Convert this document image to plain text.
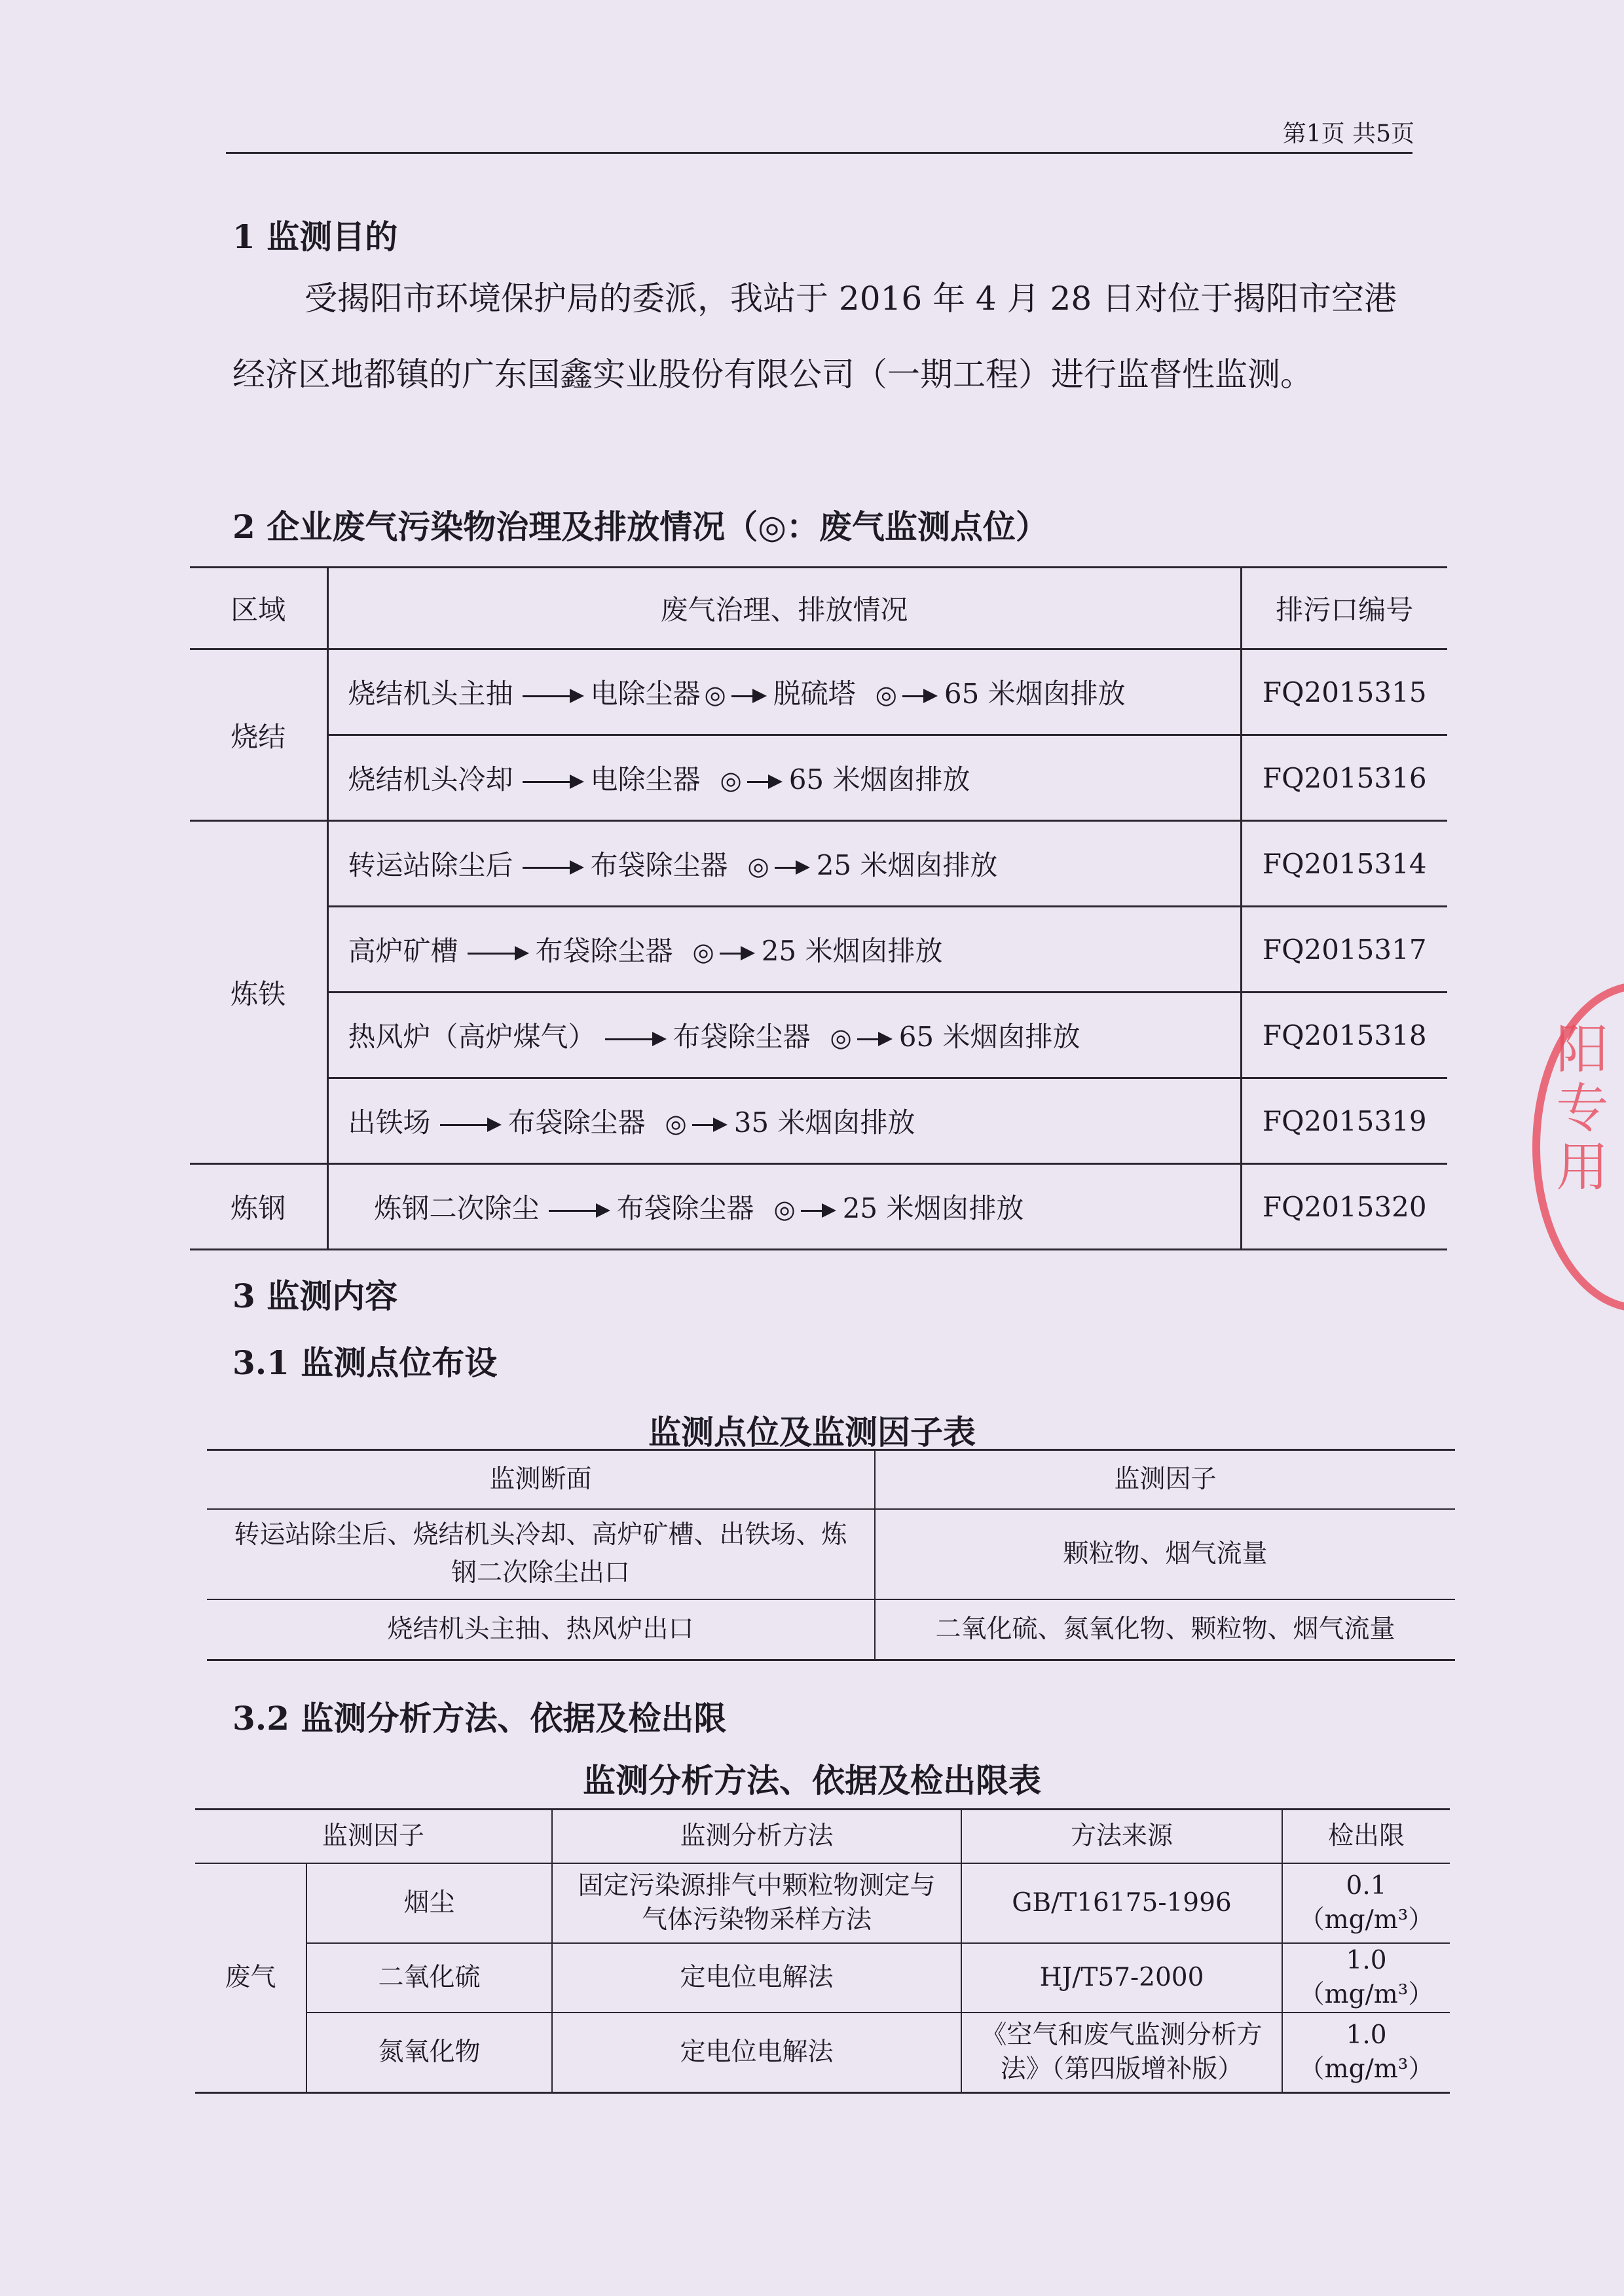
第1页 共5页
1 监测目的

受揭阳市环境保护局的委派，我站于 2016 年 4 月 28 日对位于揭阳市空港经济区地都镇的广东国鑫实业股份有限公司（一期工程）进行监督性监测。

2 企业废气污染物治理及排放情况（◎：废气监测点位）
区域	废气治理、排放情况	排污口编号
烧结	烧结机头主抽 电除尘器 ◎ 脱硫塔 ◎ 65 米烟囱排放	FQ2015315
	烧结机头冷却 电除尘器 ◎ 65 米烟囱排放	FQ2015316
炼铁	转运站除尘后 布袋除尘器 ◎ 25 米烟囱排放	FQ2015314
	高炉矿槽 布袋除尘器 ◎ 25 米烟囱排放	FQ2015317
	热风炉（高炉煤气） 布袋除尘器 ◎ 65 米烟囱排放	FQ2015318
	出铁场 布袋除尘器 ◎ 35 米烟囱排放	FQ2015319
炼钢	炼钢二次除尘 布袋除尘器 ◎ 25 米烟囱排放	FQ2015320
3 监测内容
3.1 监测点位布设
监测点位及监测因子表
监测断面	监测因子
转运站除尘后、烧结机头冷却、高炉矿槽、出铁场、炼钢二次除尘出口	颗粒物、烟气流量
烧结机头主抽、热风炉出口	二氧化硫、氮氧化物、颗粒物、烟气流量
3.2 监测分析方法、依据及检出限
监测分析方法、依据及检出限表
监测因子		监测分析方法	方法来源	检出限
废气	烟尘	固定污染源排气中颗粒物测定与气体污染物采样方法	GB/T16175-1996	0.1（mg/m³）
	二氧化硫	定电位电解法	HJ/T57-2000	1.0（mg/m³）
	氮氧化物	定电位电解法	《空气和废气监测分析方法》（第四版增补版）	1.0（mg/m³）
阳专用
